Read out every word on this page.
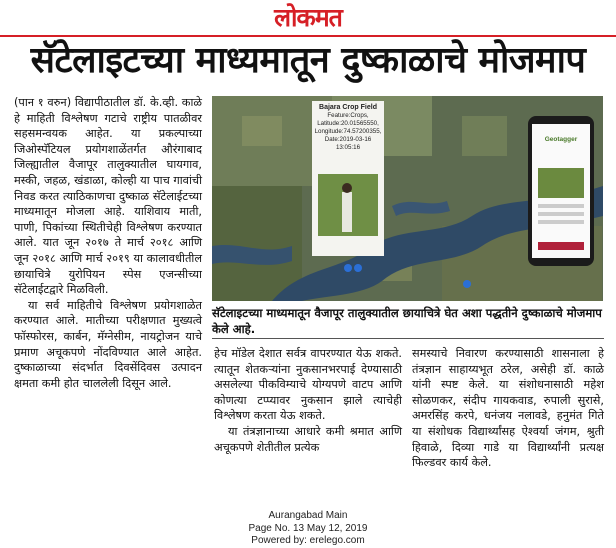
लोकमत
सॅटेलाइटच्या माध्यमातून दुष्काळाचे मोजमाप

(पान १ वरुन) विद्यापीठातील डॉ. के.व्ही. काळे हे माहिती विश्लेषण गटाचे राष्ट्रीय पातळीवर सहसमन्वयक आहेत. या प्रकल्पाच्या जिओस्पॅटियल प्रयोगशाळेंतर्गत औरंगाबाद जिल्ह्यातील वैजापूर तालुक्यातील घायगाव, मस्की, जहळ, खंडाळा, कोल्ही या पाच गावांची निवड करत त्याठिकाणचा दुष्काळ सॅटेलाईटच्या माध्यमातून मोजला आहे. याशिवाय माती, पाणी, पिकांच्या स्थितीचेही विश्लेषण करण्यात आले. यात जून २०१७ ते मार्च २०१८ आणि जून २०१८ आणि मार्च २०१९ या कालावधीतील छायाचित्रे युरोपियन स्पेस एजन्सीच्या सॅटेलाईटद्वारे मिळविली.

या सर्व माहितीचे विश्लेषण प्रयोगशाळेत करण्यात आले. मातीच्या परीक्षणात मुख्यत्वे फॉस्फोरस, कार्बन, मॅग्नेसीम, नायट्रोजन याचे प्रमाण अचूकपणे नोंदविण्यात आले आहेत. दुष्काळाच्या संदर्भात दिवसेंदिवस उत्पादन क्षमता कमी होत चाललेली दिसून आले.

Bajara Crop Field
Feature:Crops,
Latitude:20.01565550,
Longitude:74.57200355,
Date:2019-03-16 13:05:16
Geotagger
सॅटेलाइटच्या माध्यमातून वैजापूर तालुक्यातील छायाचित्रे घेत अशा पद्धतीने दुष्काळाचे मोजमाप केले आहे.

हेच मॉडेल देशात सर्वत्र वापरण्यात येऊ शकते. त्यातून शेतकऱ्यांना नुकसानभरपाई देण्यासाठी असलेल्या पीकविम्याचे योग्यपणे वाटप आणि कोणत्या टप्प्यावर नुकसान झाले त्याचेही विश्लेषण करता येऊ शकते.

या तंत्रज्ञानाच्या आधारे कमी श्रमात आणि अचूकपणे शेतीतील प्रत्येक

समस्याचे निवारण करण्यासाठी शासनाला हे तंत्रज्ञान साहाय्यभूत ठरेल, असेही डॉ. काळे यांनी स्पष्ट केले. या संशोधनासाठी महेश सोळणकर, संदीप गायकवाड, रुपाली सुरासे, अमरसिंह करपे, धनंजय नलावडे, हनुमंत गिते या संशोधक विद्यार्थ्यांसह ऐश्वर्या जंगम, श्रुती हिवाळे, दिव्या गाडे या विद्यार्थ्यांनी प्रत्यक्ष फिल्डवर कार्य केले.

Aurangabad Main
Page No. 13 May 12, 2019
Powered by: erelego.com
